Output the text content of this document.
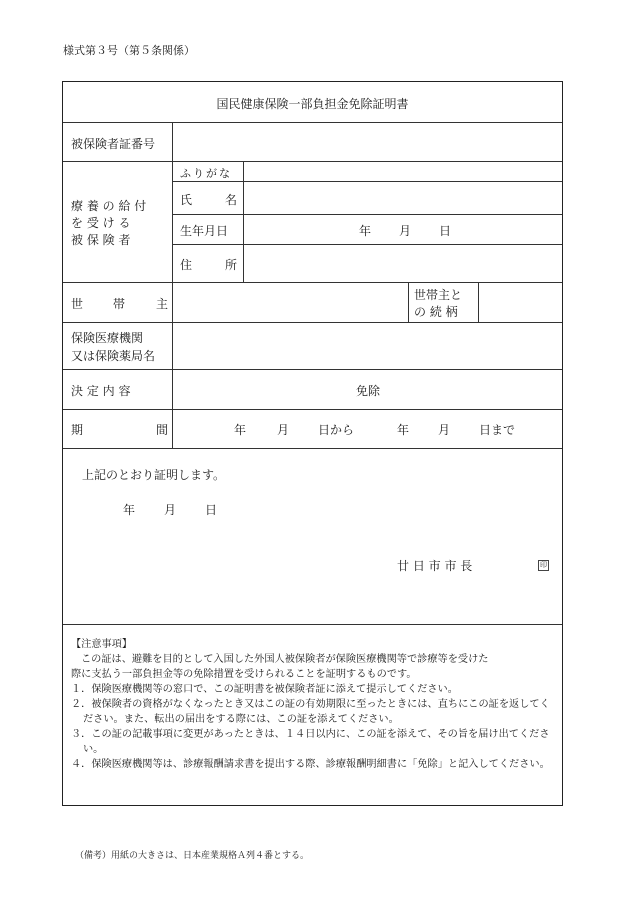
様式第３号（第５条関係）
国民健康保険一部負担金免除証明書
被保険者証番号
療 養 の 給 付
を 受 け る
被 保 険 者
ふりがな
氏	名
生年月日	年 月 日
住	所
世 帯	主
世帯主と
の 続 柄
保険医療機関
又は保険薬局名
決 定 内 容	免除
期	間	年	月 日から	年 月 日まで
上記のとおり証明します。
年 月 日
廿 日 市 市 長	印
【注意事項】
この証は、避難を目的として入国した外国人被保険者が保険医療機関等で診療等を受けた
際に支払う一部負担金等の免除措置を受けられることを証明するものです。
１．保険医療機関等の窓口で、この証明書を被保険者証に添えて提示してください。
２．被保険者の資格がなくなったとき又はこの証の有効期限に至ったときには、直ちにこの証を返してください。また、転出の届出をする際には、この証を添えてください。
３．この証の記載事項に変更があったときは、１４日以内に、この証を添えて、その旨を届け出てください。
４．保険医療機関等は、診療報酬請求書を提出する際、診療報酬明細書に「免除」と記入してください。
（備考）用紙の大きさは、日本産業規格Ａ列４番とする。
